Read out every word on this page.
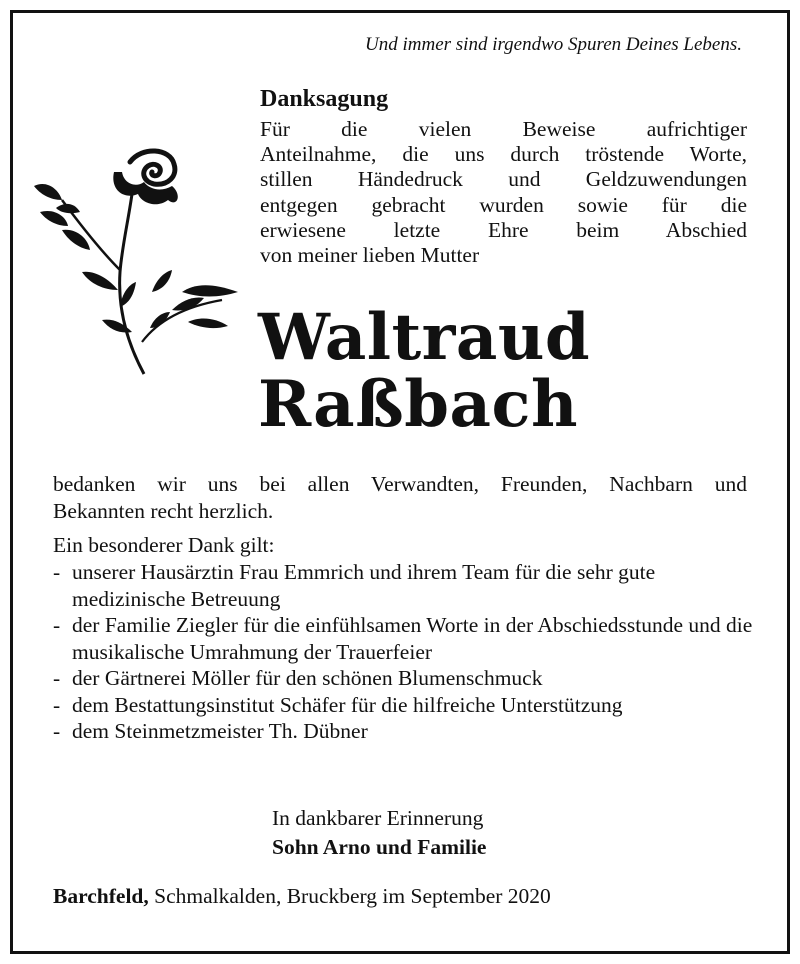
Und immer sind irgendwo Spuren Deines Lebens.
Danksagung
Für die vielen Beweise aufrichtiger
Anteilnahme, die uns durch tröstende Worte,
stillen Händedruck und Geldzuwendungen
entgegen gebracht wurden sowie für die
erwiesene letzte Ehre beim Abschied
von meiner lieben Mutter
Waltraud
Raßbach
bedanken wir uns bei allen Verwandten, Freunden, Nachbarn und
Bekannten recht herzlich.
Ein besonderer Dank gilt:
- unserer Hausärztin Frau Emmrich und ihrem Team für die sehr gute medizinische Betreuung
- der Familie Ziegler für die einfühlsamen Worte in der Abschiedsstunde und die musikalische Umrahmung der Trauerfeier
- der Gärtnerei Möller für den schönen Blumenschmuck
- dem Bestattungsinstitut Schäfer für die hilfreiche Unterstützung
- dem Steinmetzmeister Th. Dübner
In dankbarer Erinnerung
Sohn Arno und Familie
Barchfeld, Schmalkalden, Bruckberg im September 2020
